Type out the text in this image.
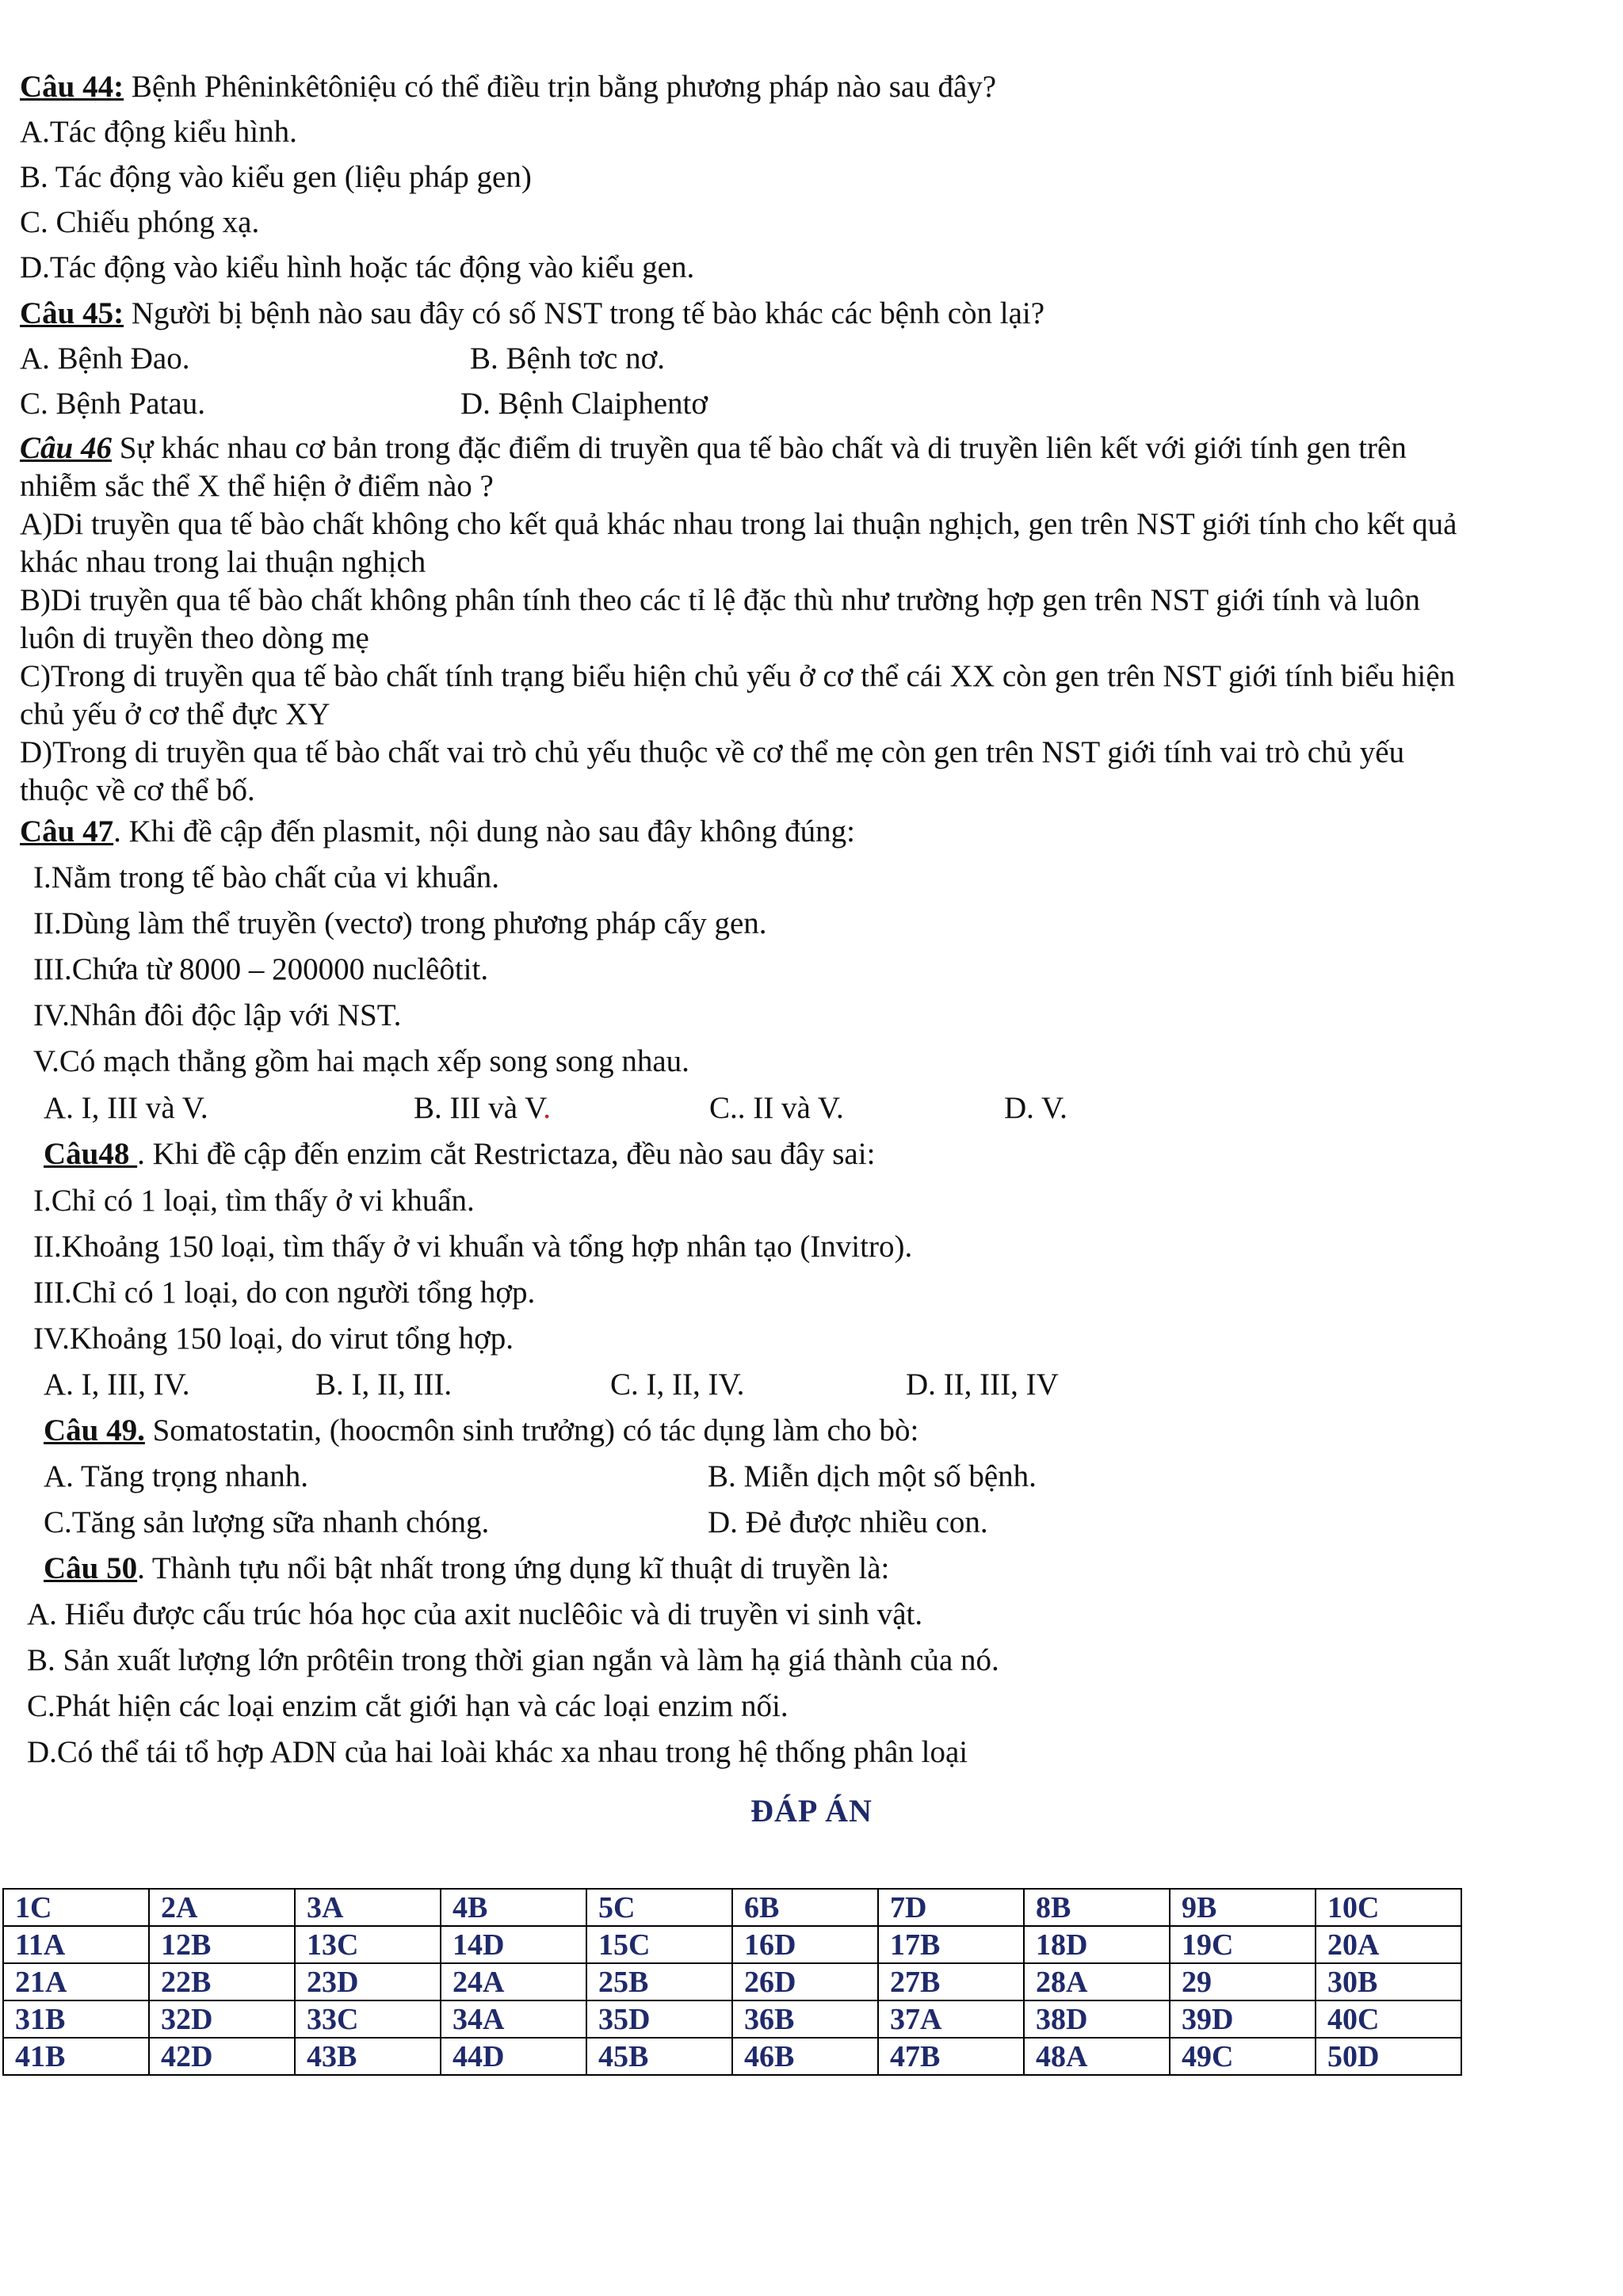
Câu 44: Bệnh Phêninkêtôniệu có thể điều trịn bằng phương pháp nào sau đây?
A.Tác động kiểu hình.
B. Tác động vào kiểu gen (liệu pháp gen)
C. Chiếu phóng xạ.
D.Tác động vào kiểu hình hoặc tác động vào kiểu gen.
Câu 45: Người bị bệnh nào sau đây có số NST trong tế bào khác các bệnh còn lại?
A. Bệnh Đao.	B. Bệnh tơc nơ.
C. Bệnh Patau.	D. Bệnh Claiphentơ
Câu 46 Sự khác nhau cơ bản trong đặc điểm di truyền qua tế bào chất và di truyền liên kết với giới tính gen trên
nhiễm sắc thể X thể hiện ở điểm nào ?
A)Di truyền qua tế bào chất không cho kết quả khác nhau trong lai thuận nghịch, gen trên NST giới tính cho kết quả
khác nhau trong lai thuận nghịch
B)Di truyền qua tế bào chất không phân tính theo các tỉ lệ đặc thù như trường hợp gen trên NST giới tính và luôn
luôn di truyền theo dòng mẹ
C)Trong di truyền qua tế bào chất tính trạng biểu hiện chủ yếu ở cơ thể cái XX còn gen trên NST giới tính biểu hiện
chủ yếu ở cơ thể đực XY
D)Trong di truyền qua tế bào chất vai trò chủ yếu thuộc về cơ thể mẹ còn gen trên NST giới tính vai trò chủ yếu
thuộc về cơ thể bố.
Câu 47. Khi đề cập đến plasmit, nội dung nào sau đây không đúng:
I.Nằm trong tế bào chất của vi khuẩn.
II.Dùng làm thể truyền (vectơ) trong phương pháp cấy gen.
III.Chứa từ 8000 – 200000 nuclêôtit.
IV.Nhân đôi độc lập với NST.
V.Có mạch thẳng gồm hai mạch xếp song song nhau.
A. I, III và V.	B. III và V.	C.. II và V.	D. V.
Câu48 . Khi đề cập đến enzim cắt Restrictaza, đều nào sau đây sai:
I.Chỉ có 1 loại, tìm thấy ở vi khuẩn.
II.Khoảng 150 loại, tìm thấy ở vi khuẩn và tổng hợp nhân tạo (Invitro).
III.Chỉ có 1 loại, do con người tổng hợp.
IV.Khoảng 150 loại, do virut tổng hợp.
A. I, III, IV.	B. I, II, III.	C. I, II, IV.	D. II, III, IV
Câu 49. Somatostatin, (hoocmôn sinh trưởng) có tác dụng làm cho bò:
A. Tăng trọng nhanh.	B. Miễn dịch một số bệnh.
C.Tăng sản lượng sữa nhanh chóng.	D. Đẻ được nhiều con.
Câu 50. Thành tựu nổi bật nhất trong ứng dụng kĩ thuật di truyền là:
A. Hiểu được cấu trúc hóa học của axit nuclêôic và di truyền vi sinh vật.
B. Sản xuất lượng lớn prôtêin trong thời gian ngắn và làm hạ giá thành của nó.
C.Phát hiện các loại enzim cắt giới hạn và các loại enzim nối.
D.Có thể tái tổ hợp ADN của hai loài khác xa nhau trong hệ thống phân loại
ĐÁP ÁN
1C	2A	3A	4B	5C	6B	7D	8B	9B	10C
11A	12B	13C	14D	15C	16D	17B	18D	19C	20A
21A	22B	23D	24A	25B	26D	27B	28A	29	30B
31B	32D	33C	34A	35D	36B	37A	38D	39D	40C
41B	42D	43B	44D	45B	46B	47B	48A	49C	50D
